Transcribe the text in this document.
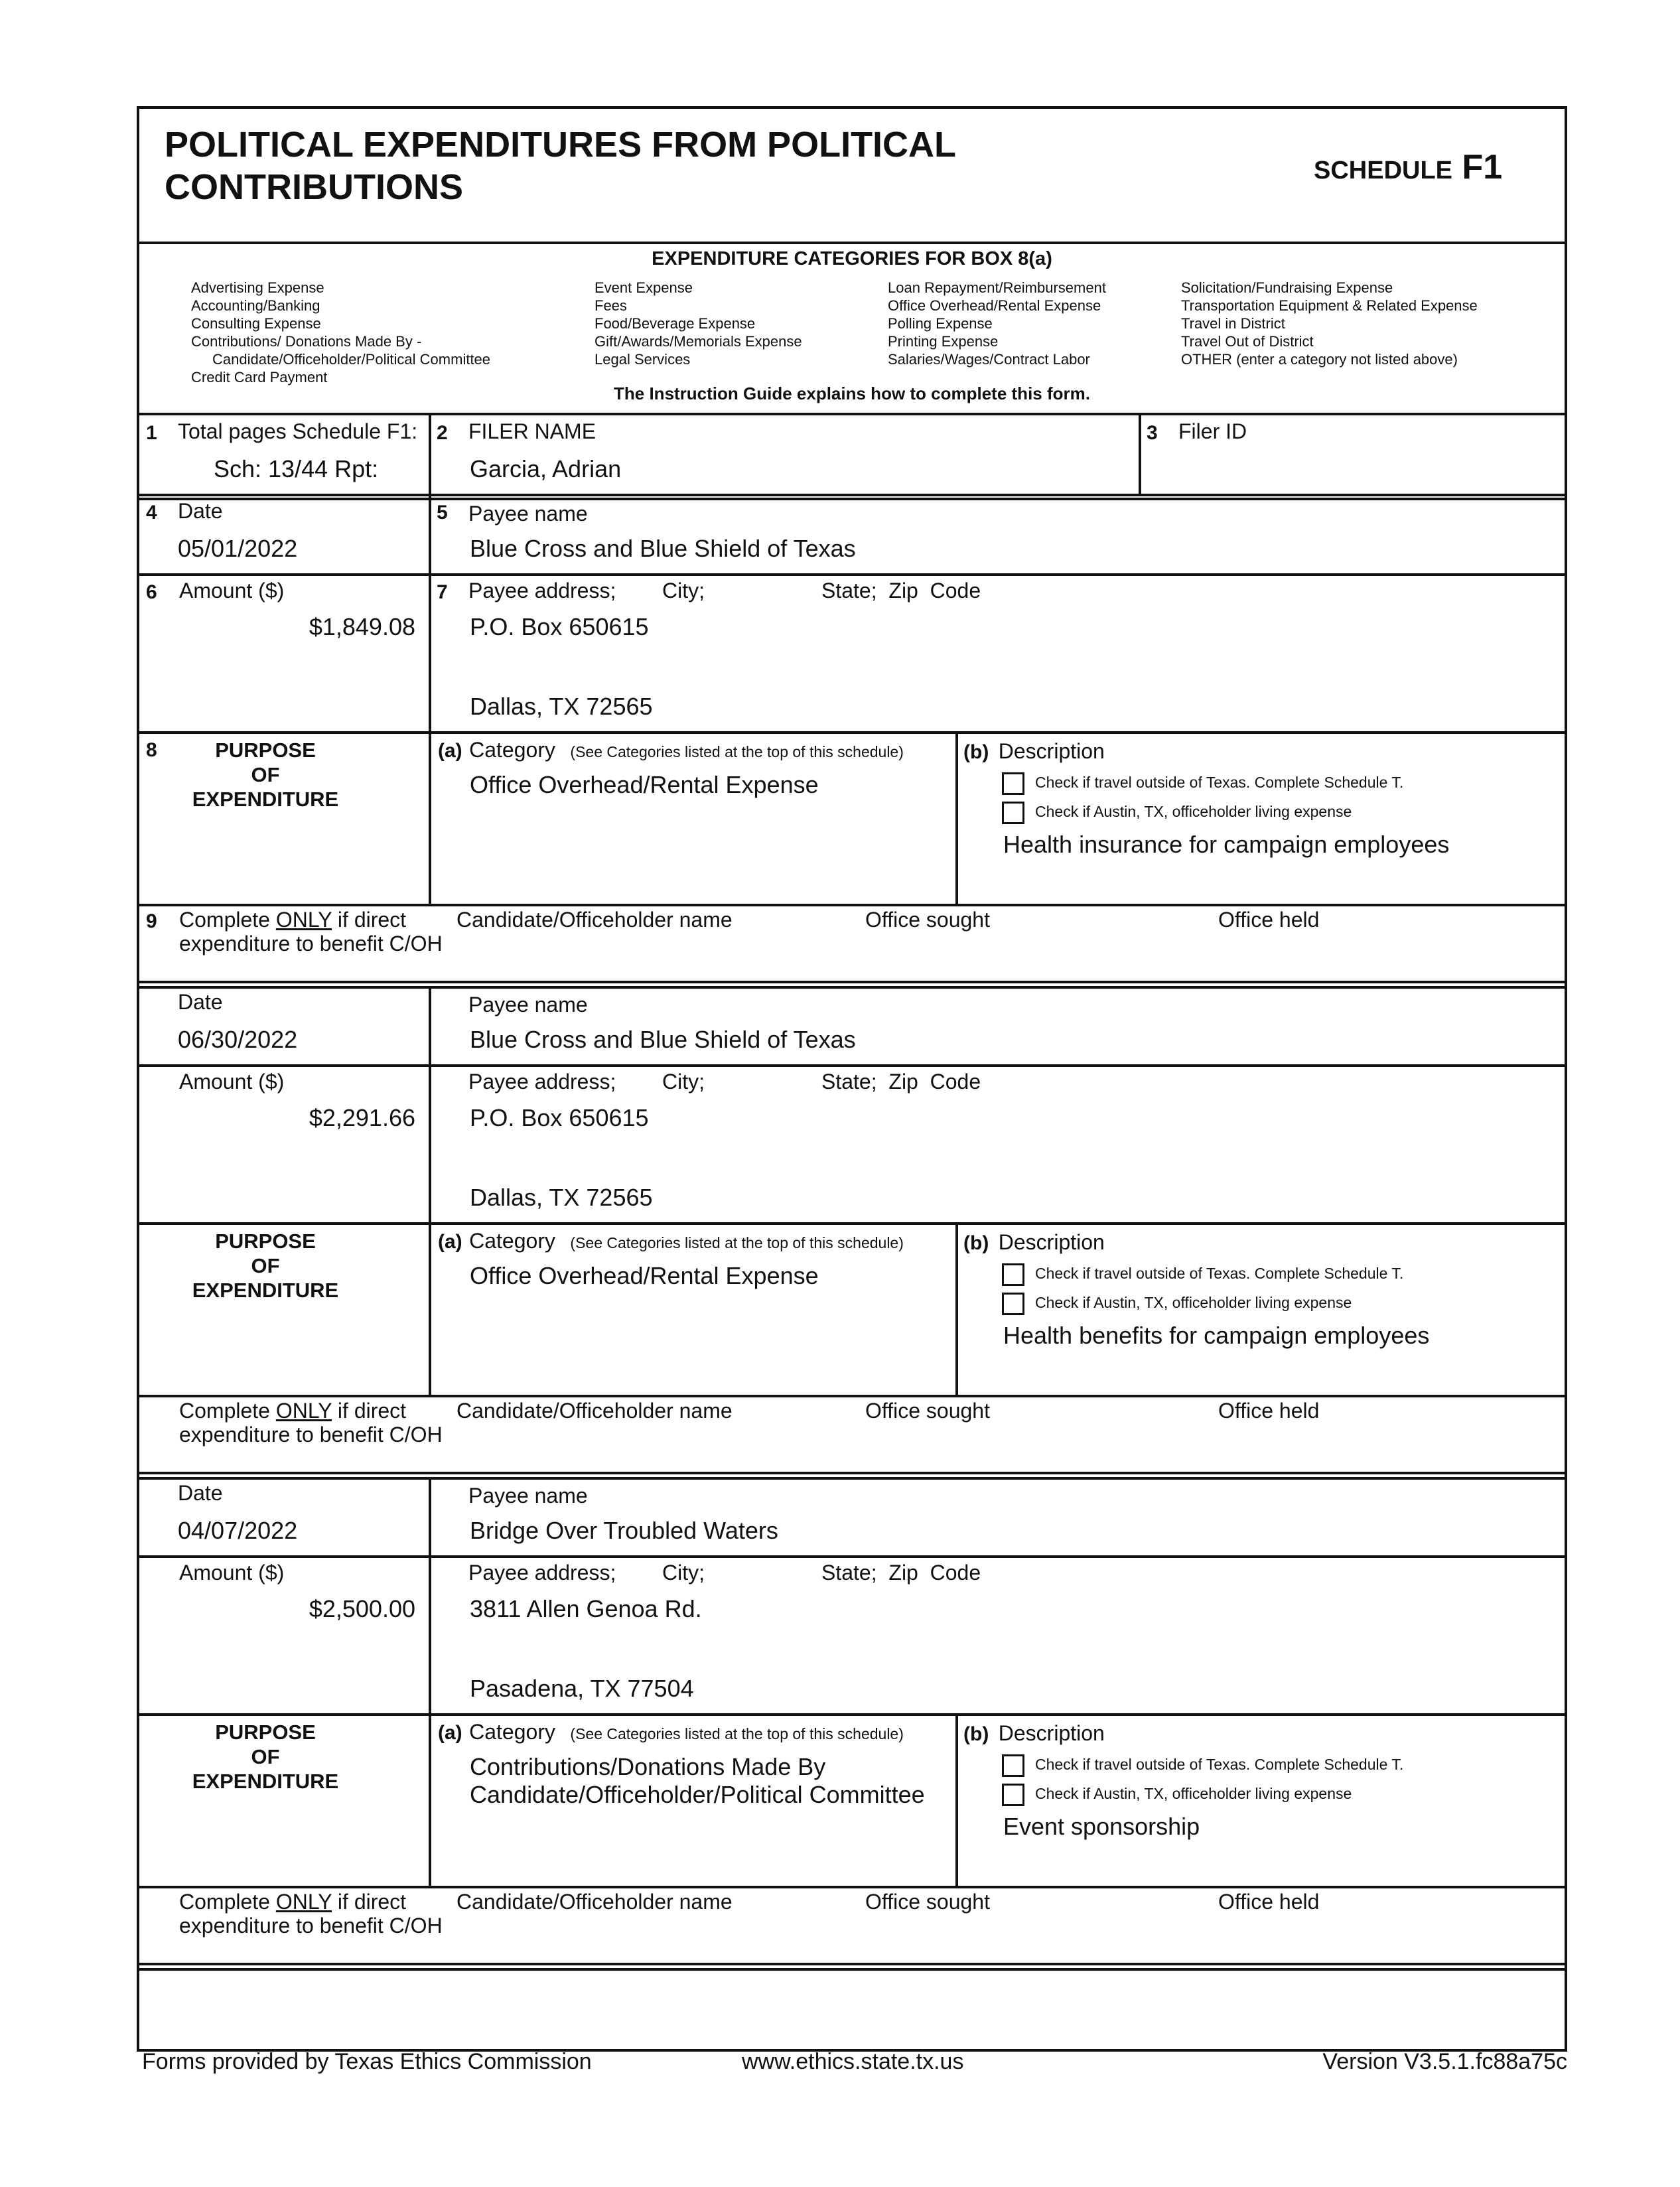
POLITICAL EXPENDITURES FROM POLITICAL
CONTRIBUTIONS	SCHEDULE F1
EXPENDITURE CATEGORIES FOR BOX 8(a)
Advertising Expense
Accounting/Banking
Consulting Expense
Contributions/ Donations Made By -
Candidate/Officeholder/Political Committee
Credit Card Payment
Event Expense
Fees
Food/Beverage Expense
Gift/Awards/Memorials Expense
Legal Services
Loan Repayment/Reimbursement
Office Overhead/Rental Expense
Polling Expense
Printing Expense
Salaries/Wages/Contract Labor
Solicitation/Fundraising Expense
Transportation Equipment & Related Expense
Travel in District
Travel Out of District
OTHER (enter a category not listed above)
The Instruction Guide explains how to complete this form.
1 Total pages Schedule F1:
Sch: 13/44 Rpt:
2 FILER NAME
Garcia, Adrian
3 Filer ID
4 Date
05/01/2022
5 Payee name
Blue Cross and Blue Shield of Texas
6 Amount ($)
$1,849.08
7 Payee address; City;	State;  Zip  Code
P.O. Box 650615
Dallas, TX 72565
8	PURPOSE
OF
EXPENDITURE
(a) Category (See Categories listed at the top of this schedule)
Office Overhead/Rental Expense
(b) Description
Check if travel outside of Texas. Complete Schedule T.
Check if Austin, TX, officeholder living expense
Health insurance for campaign employees
9 Complete ONLY if direct
expenditure to benefit C/OH
Candidate/Officeholder name	Office sought	Office held
Date
06/30/2022
Payee name
Blue Cross and Blue Shield of Texas
Amount ($)
$2,291.66
Payee address; City;	State;  Zip  Code
P.O. Box 650615
Dallas, TX 72565
PURPOSE
OF
EXPENDITURE
(a) Category (See Categories listed at the top of this schedule)
Office Overhead/Rental Expense
(b) Description
Check if travel outside of Texas. Complete Schedule T.
Check if Austin, TX, officeholder living expense
Health benefits for campaign employees
Complete ONLY if direct
expenditure to benefit C/OH
Candidate/Officeholder name	Office sought	Office held
Date
04/07/2022
Payee name
Bridge Over Troubled Waters
Amount ($)
$2,500.00
Payee address; City;	State;  Zip  Code
3811 Allen Genoa Rd.
Pasadena, TX 77504
PURPOSE
OF
EXPENDITURE
(a) Category (See Categories listed at the top of this schedule)
Contributions/Donations Made By
Candidate/Officeholder/Political Committee
(b) Description
Check if travel outside of Texas. Complete Schedule T.
Check if Austin, TX, officeholder living expense
Event sponsorship
Complete ONLY if direct
expenditure to benefit C/OH
Candidate/Officeholder name	Office sought	Office held
Forms provided by Texas Ethics Commission	www.ethics.state.tx.us	Version V3.5.1.fc88a75c
